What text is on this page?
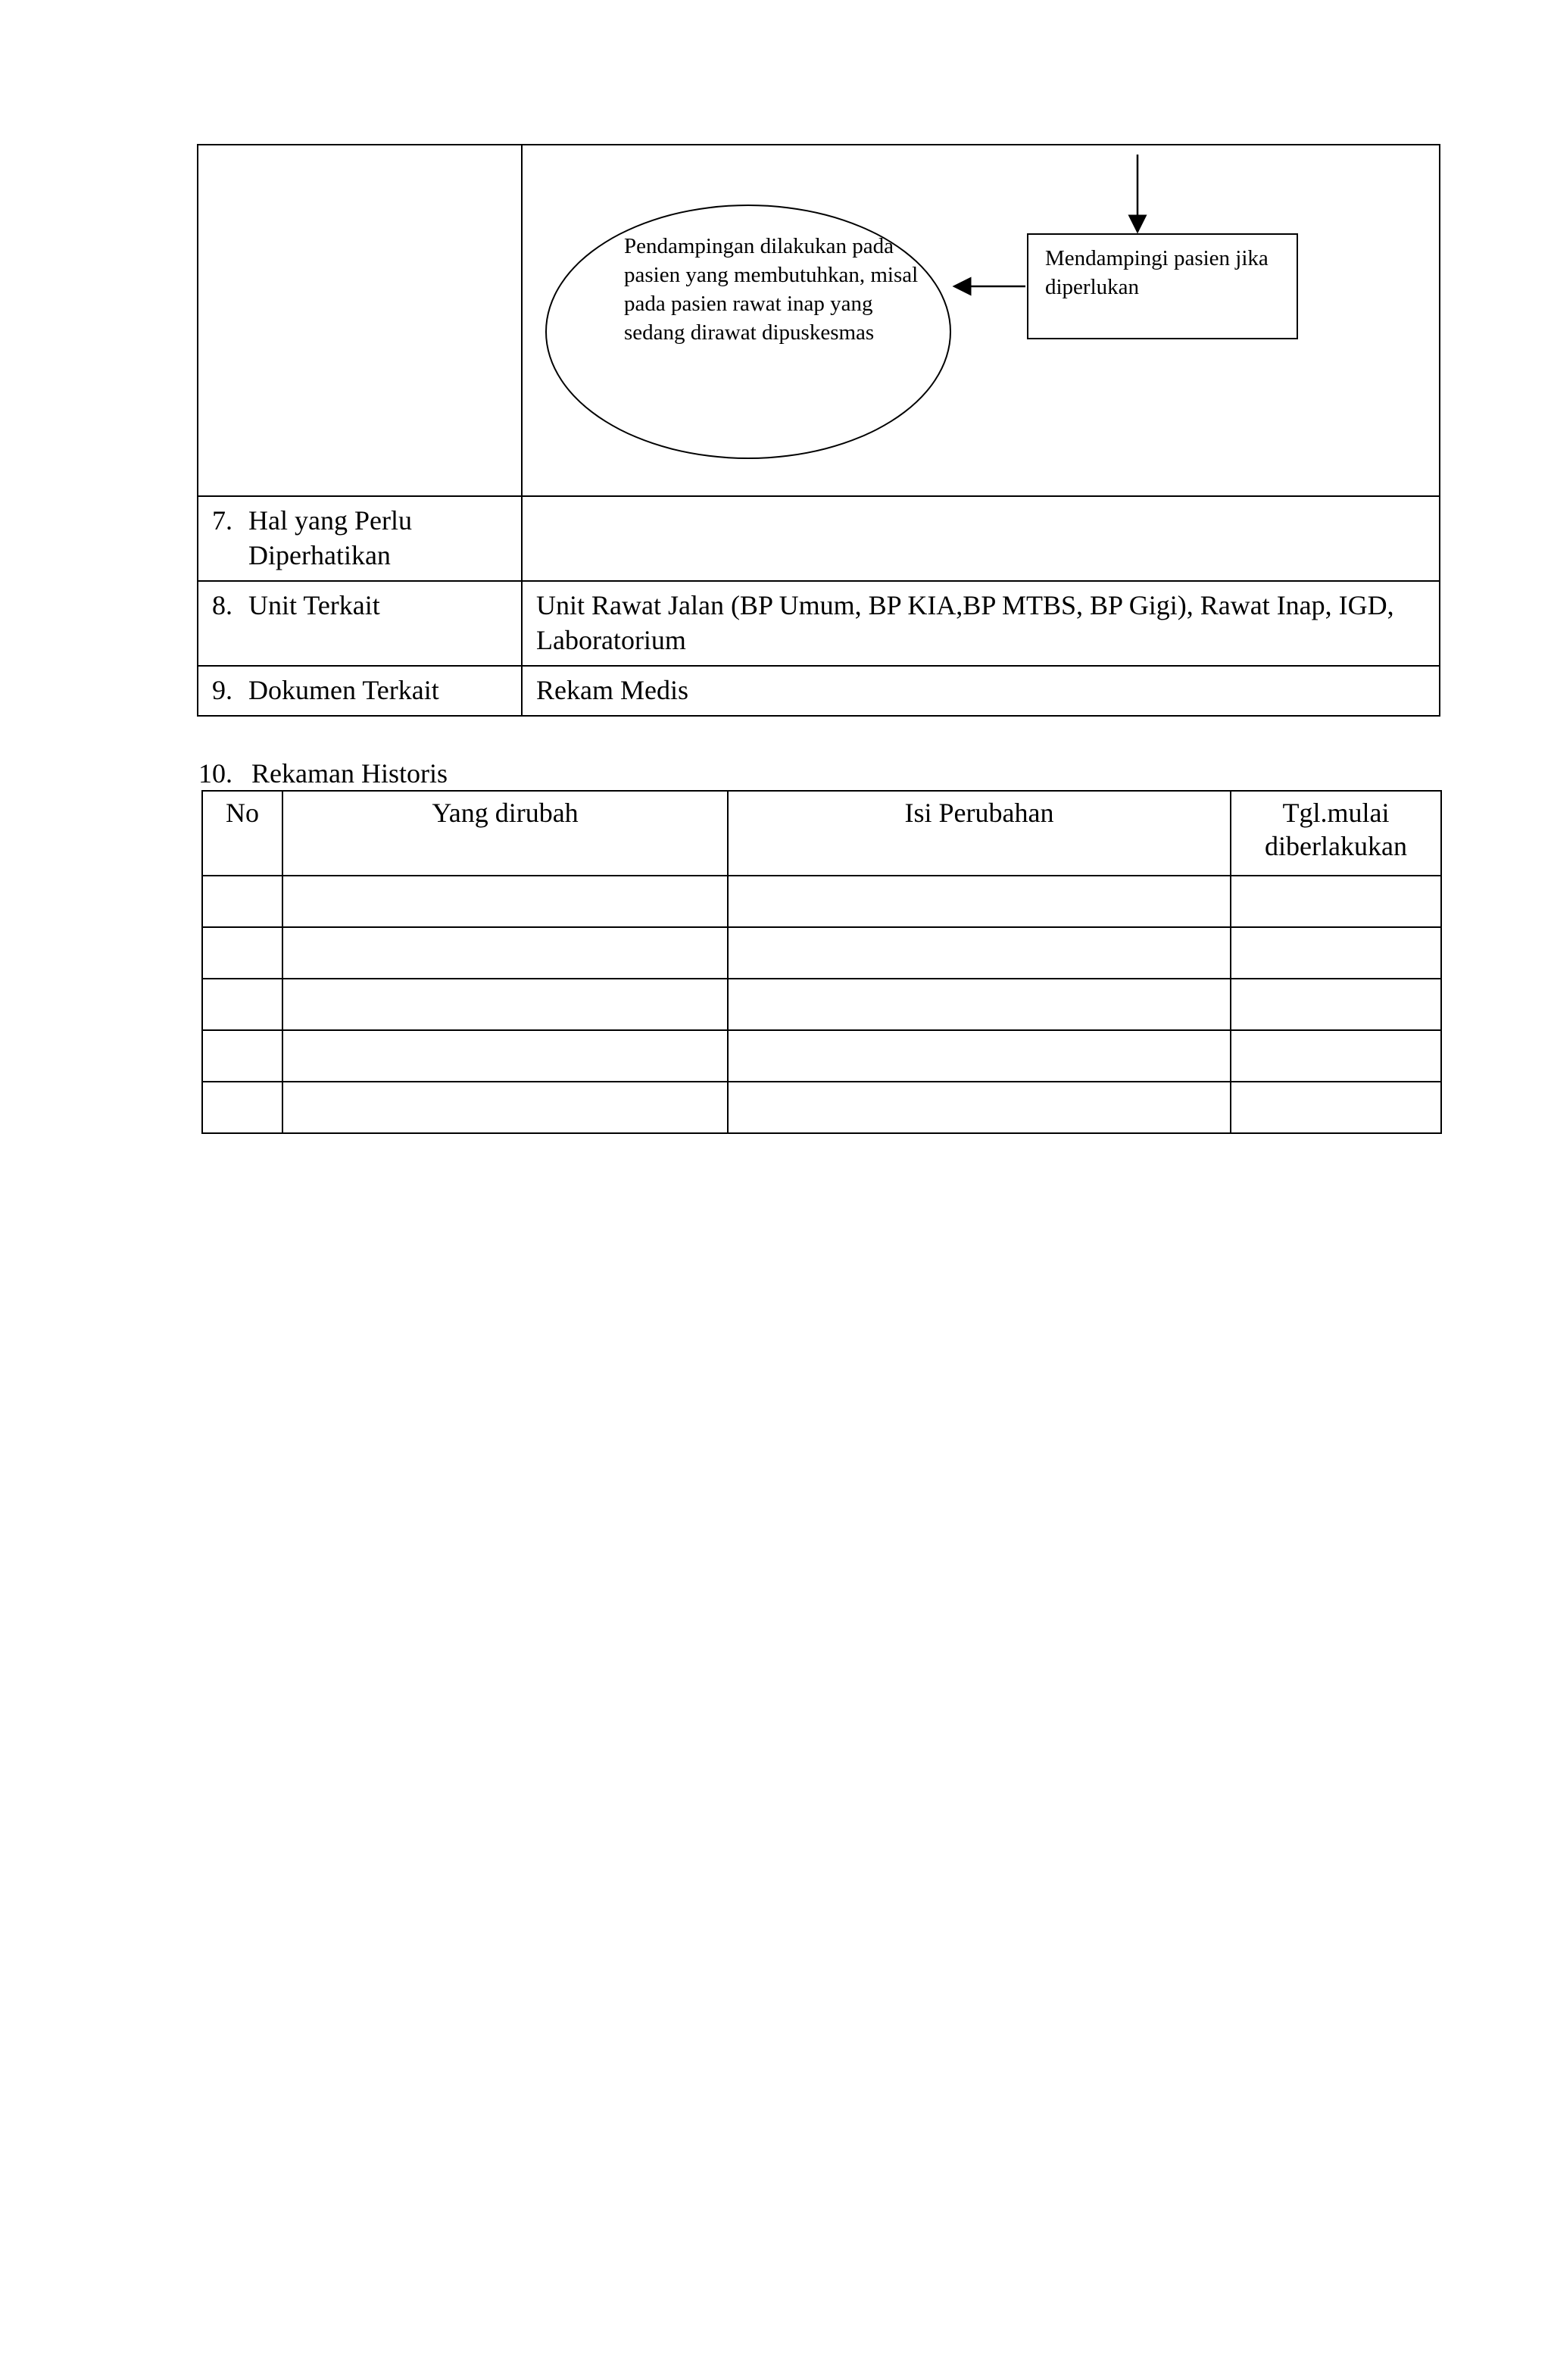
	Pendampingan dilakukan pada pasien yang membutuhkan, misal pada pasien rawat inap yang sedang dirawat dipuskesmas
Mendampingi pasien jika diperlukan

7. Hal yang Perlu Diperhatikan	

8. Unit Terkait	Unit Rawat Jalan (BP Umum, BP KIA,BP MTBS, BP Gigi), Rawat Inap, IGD, Laboratorium

9. Dokumen Terkait	Rekam Medis
10. Rekaman Historis
No	Yang dirubah	Isi Perubahan	Tgl.mulai diberlakukan
